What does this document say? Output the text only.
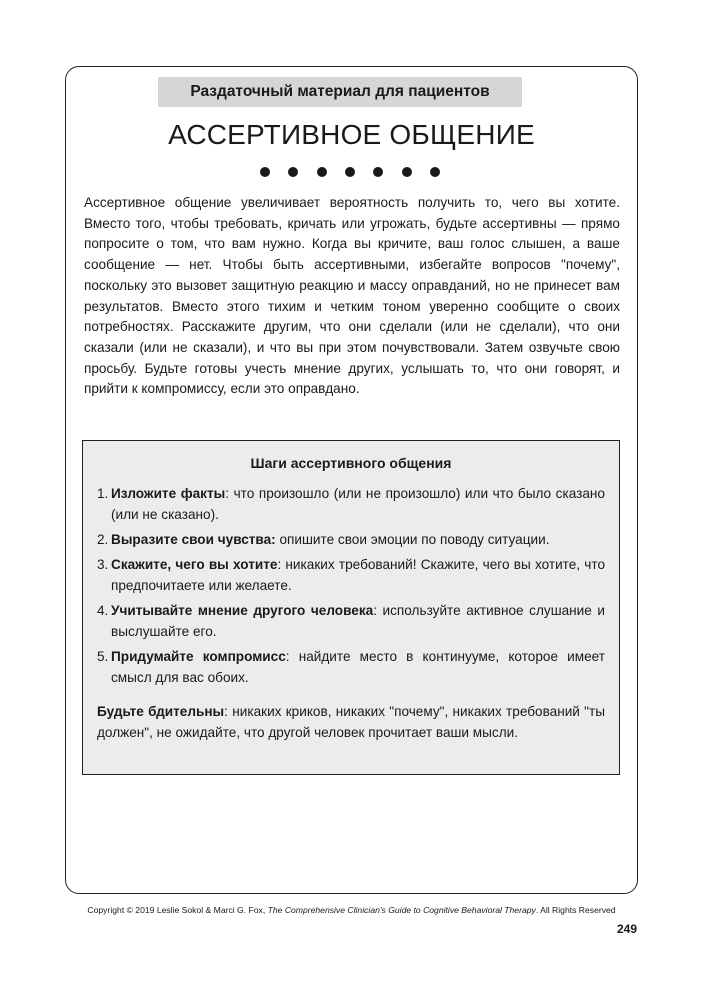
Раздаточный материал для пациентов
АССЕРТИВНОЕ ОБЩЕНИЕ

Ассертивное общение увеличивает вероятность получить то, чего вы хотите. Вместо того, чтобы требовать, кричать или угрожать, будьте ассертивны — прямо попросите о том, что вам нужно. Когда вы кричите, ваш голос слышен, а ваше сообщение — нет. Чтобы быть ассертивными, избегайте вопросов "почему", поскольку это вызовет защитную реакцию и массу оправданий, но не принесет вам результатов. Вместо этого тихим и четким тоном уверенно сообщите о своих потребностях. Расскажите другим, что они сделали (или не сделали), что они сказали (или не сказали), и что вы при этом почувствовали. Затем озвучьте свою просьбу. Будьте готовы учесть мнение других, услышать то, что они говорят, и прийти к компромиссу, если это оправдано.

Шаги ассертивного общения
1. Изложите факты: что произошло (или не произошло) или что было сказано (или не сказано).
2. Выразите свои чувства: опишите свои эмоции по поводу ситуации.
3. Скажите, чего вы хотите: никаких требований! Скажите, чего вы хотите, что предпочитаете или желаете.
4. Учитывайте мнение другого человека: используйте активное слушание и выслушайте его.
5. Придумайте компромисс: найдите место в континууме, которое имеет смысл для вас обоих.

Будьте бдительны: никаких криков, никаких "почему", никаких требований "ты должен", не ожидайте, что другой человек прочитает ваши мысли.

Copyright © 2019 Leslie Sokol & Marci G. Fox, The Comprehensive Clinician's Guide to Cognitive Behavioral Therapy. All Rights Reserved
249
